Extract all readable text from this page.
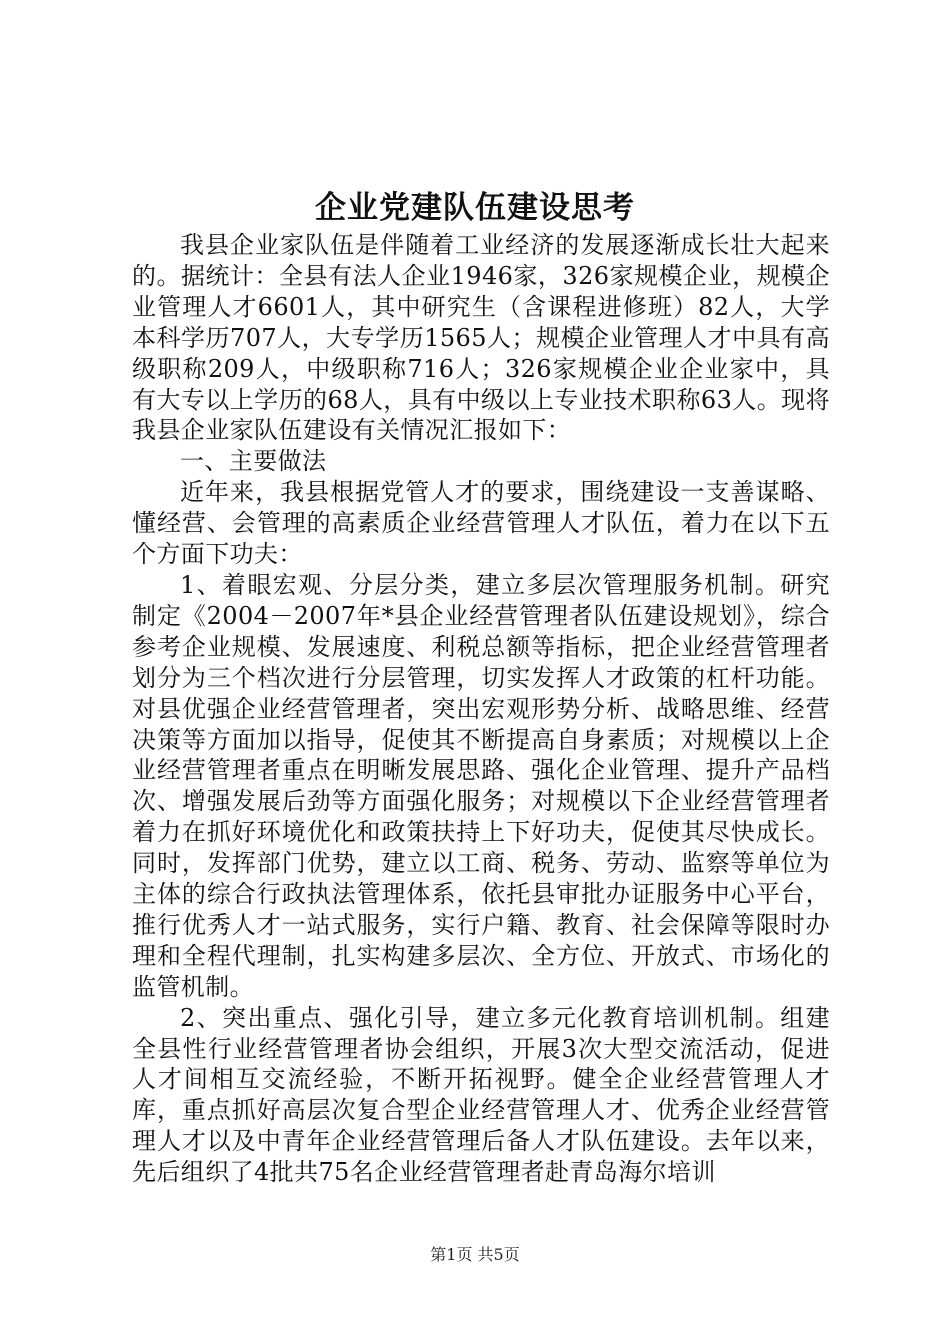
企业党建队伍建设思考

我县企业家队伍是伴随着工业经济的发展逐渐成长壮大起来的。据统计：全县有法人企业1946家，326家规模企业，规模企业管理人才6601人，其中研究生（含课程进修班）82人，大学本科学历707人，大专学历1565人；规模企业管理人才中具有高级职称209人，中级职称716人；326家规模企业企业家中，具有大专以上学历的68人，具有中级以上专业技术职称63人。现将我县企业家队伍建设有关情况汇报如下：

一、主要做法

近年来，我县根据党管人才的要求，围绕建设一支善谋略、懂经营、会管理的高素质企业经营管理人才队伍，着力在以下五个方面下功夫：

1、着眼宏观、分层分类，建立多层次管理服务机制。研究制定《2004－2007年*县企业经营管理者队伍建设规划》，综合参考企业规模、发展速度、利税总额等指标，把企业经营管理者划分为三个档次进行分层管理，切实发挥人才政策的杠杆功能。对县优强企业经营管理者，突出宏观形势分析、战略思维、经营决策等方面加以指导，促使其不断提高自身素质；对规模以上企业经营管理者重点在明晰发展思路、强化企业管理、提升产品档次、增强发展后劲等方面强化服务；对规模以下企业经营管理者着力在抓好环境优化和政策扶持上下好功夫，促使其尽快成长。同时，发挥部门优势，建立以工商、税务、劳动、监察等单位为主体的综合行政执法管理体系，依托县审批办证服务中心平台，推行优秀人才一站式服务，实行户籍、教育、社会保障等限时办理和全程代理制，扎实构建多层次、全方位、开放式、市场化的监管机制。

2、突出重点、强化引导，建立多元化教育培训机制。组建全县性行业经营管理者协会组织，开展3次大型交流活动，促进人才间相互交流经验，不断开拓视野。健全企业经营管理人才库，重点抓好高层次复合型企业经营管理人才、优秀企业经营管理人才以及中青年企业经营管理后备人才队伍建设。去年以来，先后组织了4批共75名企业经营管理者赴青岛海尔培训

第1页 共5页
